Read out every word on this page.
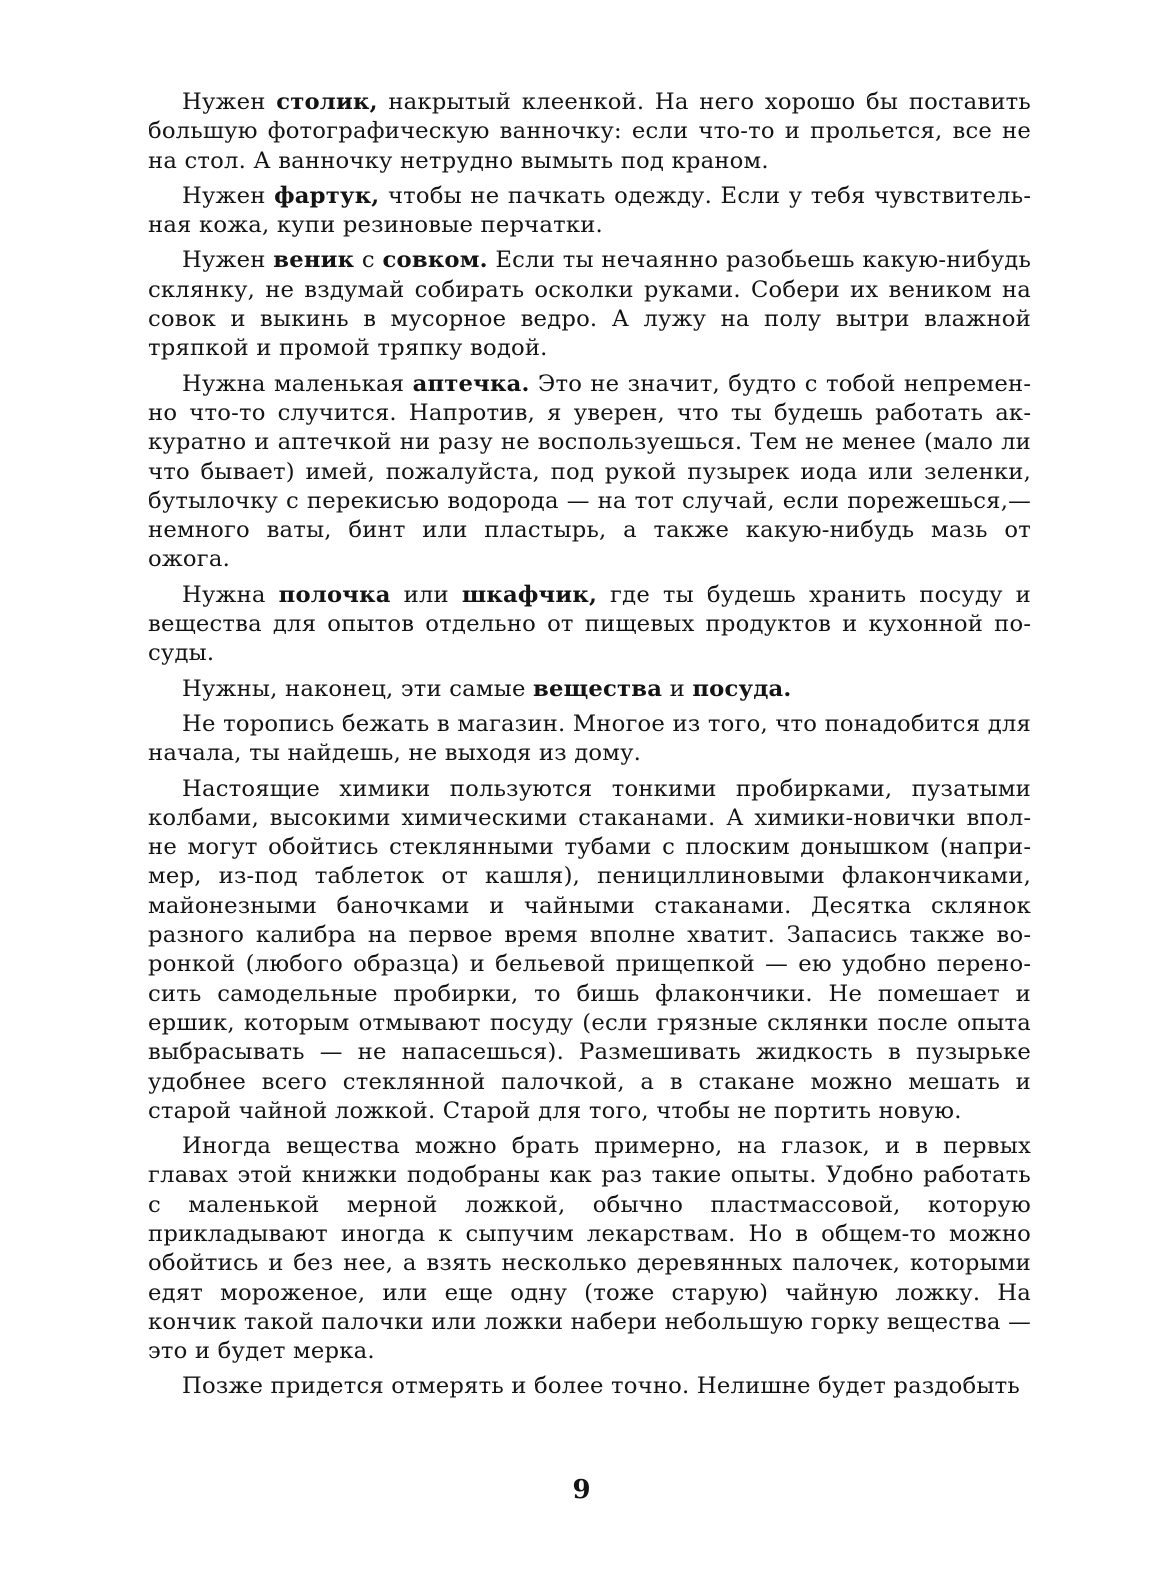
Нужен столик, накрытый клеенкой. На него хорошо бы поставить большую фотографическую ванночку: если что-то и прольется, все не на стол. А ванночку нетрудно вымыть под краном.

Нужен фартук, чтобы не пачкать одежду. Если у тебя чувствительная кожа, купи резиновые перчатки.

Нужен веник с совком. Если ты нечаянно разобьешь какую-нибудь склянку, не вздумай собирать осколки руками. Собери их веником на совок и выкинь в мусорное ведро. А лужу на полу вытри влажной тряпкой и промой тряпку водой.

Нужна маленькая аптечка. Это не значит, будто с тобой непременно что-то случится. Напротив, я уверен, что ты будешь работать аккуратно и аптечкой ни разу не воспользуешься. Тем не менее (мало ли что бывает) имей, пожалуйста, под рукой пузырек иода или зеленки, бутылочку с перекисью водорода — на тот случай, если порежешься,— немного ваты, бинт или пластырь, а также какую-нибудь мазь от ожога.

Нужна полочка или шкафчик, где ты будешь хранить посуду и вещества для опытов отдельно от пищевых продуктов и кухонной посуды.

Нужны, наконец, эти самые вещества и посуда.

Не торопись бежать в магазин. Многое из того, что понадобится для начала, ты найдешь, не выходя из дому.

Настоящие химики пользуются тонкими пробирками, пузатыми колбами, высокими химическими стаканами. А химики-новички вполне могут обойтись стеклянными тубами с плоским донышком (например, из-под таблеток от кашля), пенициллиновыми флакончиками, майонезными баночками и чайными стаканами. Десятка склянок разного калибра на первое время вполне хватит. Запасись также воронкой (любого образца) и бельевой прищепкой — ею удобно переносить самодельные пробирки, то бишь флакончики. Не помешает и ершик, которым отмывают посуду (если грязные склянки после опыта выбрасывать — не напасешься). Размешивать жидкость в пузырьке удобнее всего стеклянной палочкой, а в стакане можно мешать и старой чайной ложкой. Старой для того, чтобы не портить новую.

Иногда вещества можно брать примерно, на глазок, и в первых главах этой книжки подобраны как раз такие опыты. Удобно работать с маленькой мерной ложкой, обычно пластмассовой, которую прикладывают иногда к сыпучим лекарствам. Но в общем-то можно обойтись и без нее, а взять несколько деревянных палочек, которыми едят мороженое, или еще одну (тоже старую) чайную ложку. На кончик такой палочки или ложки набери небольшую горку вещества — это и будет мерка.

Позже придется отмерять и более точно. Нелишне будет раздобыть

9
